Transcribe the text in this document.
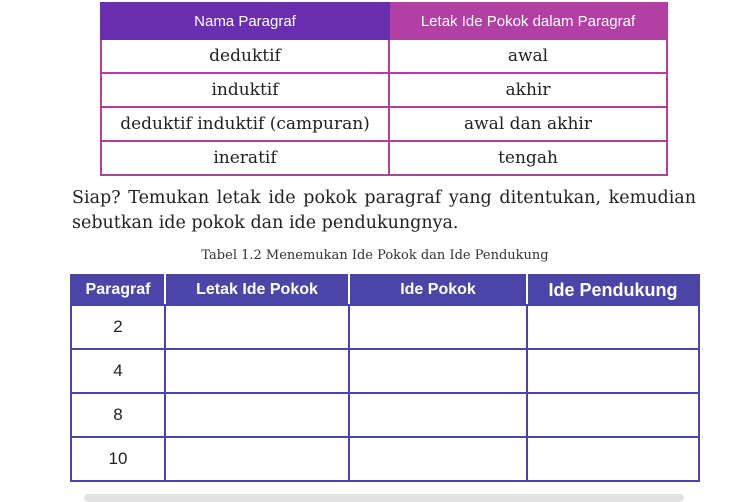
Nama Paragraf	Letak Ide Pokok dalam Paragraf
deduktif	awal
induktif	akhir
deduktif induktif (campuran)	awal dan akhir
ineratif	tengah

Siap? Temukan letak ide pokok paragraf yang ditentukan, kemudian sebutkan ide pokok dan ide pendukungnya.

Tabel 1.2 Menemukan Ide Pokok dan Ide Pendukung

Paragraf	Letak Ide Pokok	Ide Pokok	Ide Pendukung
2			
4			
8			
10			
